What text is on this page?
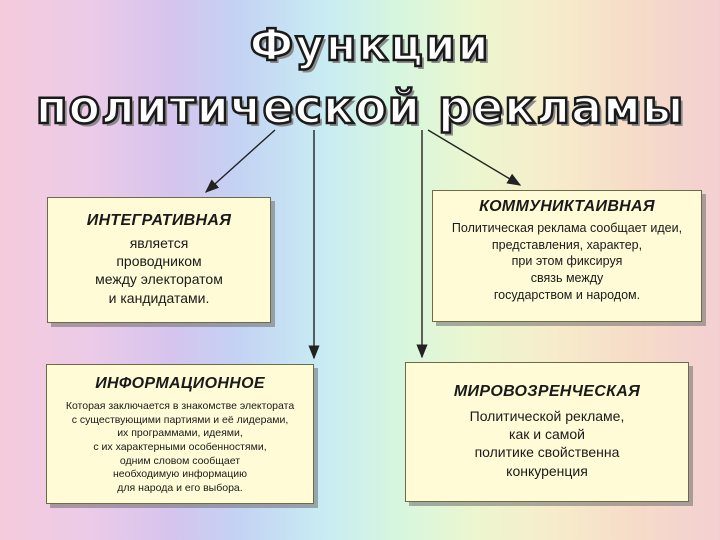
Функции
политической рекламы
ИНТЕГРАТИВНАЯ
является
проводником
между электоратом
и кандидатами.
КОММУНИКТАИВНАЯ
Политическая реклама сообщает идеи,
представления, характер,
при этом фиксируя
связь между
государством и народом.
ИНФОРМАЦИОННОЕ
Которая заключается в знакомстве электората
с существующими партиями и её лидерами,
их программами, идеями,
с их характерными особенностями,
одним словом сообщает
необходимую информацию
для народа и его выбора.
МИРОВОЗРЕНЧЕСКАЯ
Политической рекламе,
как и самой
политике свойственна
конкуренция
